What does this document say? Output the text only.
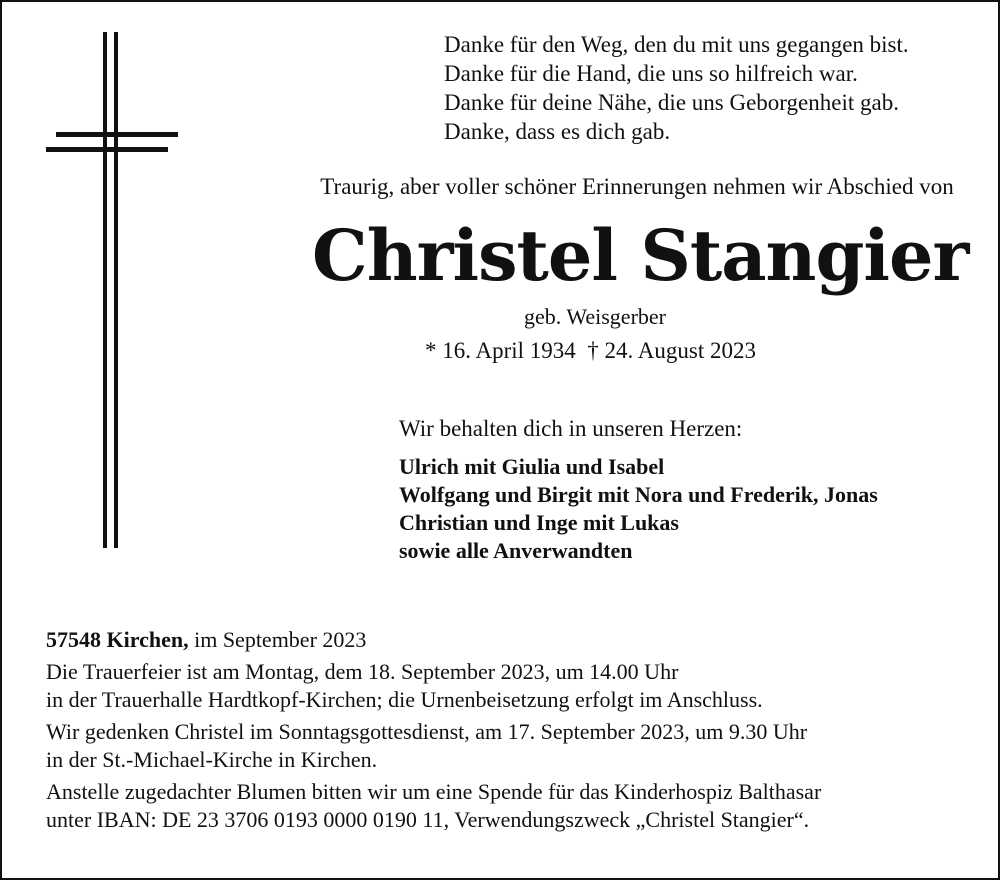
Danke für den Weg, den du mit uns gegangen bist.
Danke für die Hand, die uns so hilfreich war.
Danke für deine Nähe, die uns Geborgenheit gab.
Danke, dass es dich gab.
Traurig, aber voller schöner Erinnerungen nehmen wir Abschied von
Christel Stangier
geb. Weisgerber
* 16. April 1934 † 24. August 2023
Wir behalten dich in unseren Herzen:
Ulrich mit Giulia und Isabel
Wolfgang und Birgit mit Nora und Frederik, Jonas
Christian und Inge mit Lukas
sowie alle Anverwandten
57548 Kirchen, im September 2023
Die Trauerfeier ist am Montag, dem 18. September 2023, um 14.00 Uhr
in der Trauerhalle Hardtkopf-Kirchen; die Urnenbeisetzung erfolgt im Anschluss.
Wir gedenken Christel im Sonntagsgottesdienst, am 17. September 2023, um 9.30 Uhr
in der St.-Michael-Kirche in Kirchen.
Anstelle zugedachter Blumen bitten wir um eine Spende für das Kinderhospiz Balthasar
unter IBAN: DE 23 3706 0193 0000 0190 11, Verwendungszweck „Christel Stangier“.
